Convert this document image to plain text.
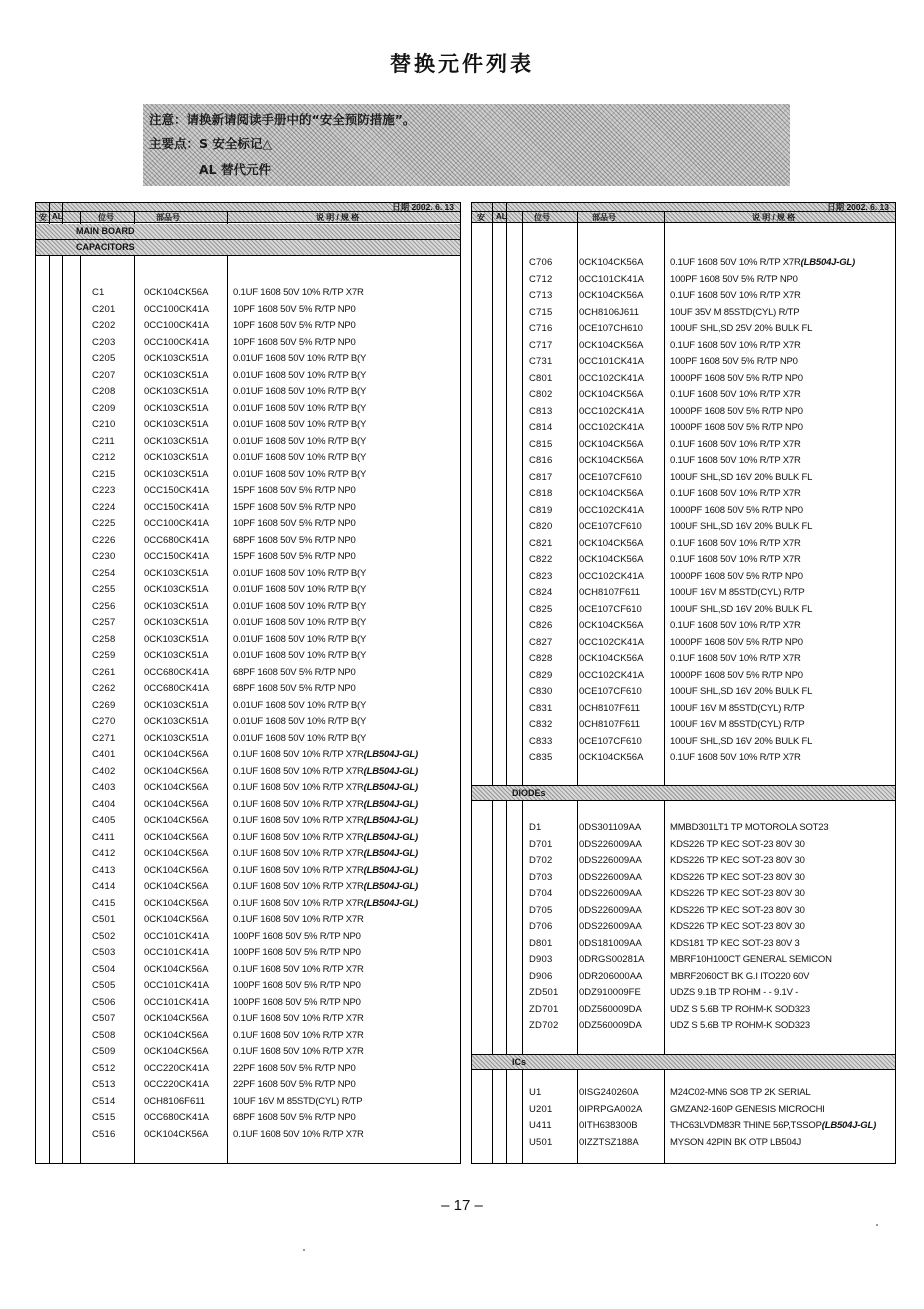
替换元件列表
注意：请换新请阅读手册中的“安全预防措施”。
主要点：S 安全标记△
AL 替代元件
日期 2002. 6. 13
安 AL	位号	部品号	说 明 / 规 格
MAIN BOARD
CAPACITORS
C1	0CK104CK56A	0.1UF 1608 50V 10% R/TP X7R
C201	0CC100CK41A	10PF 1608 50V 5% R/TP NP0
C202	0CC100CK41A	10PF 1608 50V 5% R/TP NP0
C203	0CC100CK41A	10PF 1608 50V 5% R/TP NP0
C205	0CK103CK51A	0.01UF 1608 50V 10% R/TP B(Y
C207	0CK103CK51A	0.01UF 1608 50V 10% R/TP B(Y
C208	0CK103CK51A	0.01UF 1608 50V 10% R/TP B(Y
C209	0CK103CK51A	0.01UF 1608 50V 10% R/TP B(Y
C210	0CK103CK51A	0.01UF 1608 50V 10% R/TP B(Y
C211	0CK103CK51A	0.01UF 1608 50V 10% R/TP B(Y
C212	0CK103CK51A	0.01UF 1608 50V 10% R/TP B(Y
C215	0CK103CK51A	0.01UF 1608 50V 10% R/TP B(Y
C223	0CC150CK41A	15PF 1608 50V 5% R/TP NP0
C224	0CC150CK41A	15PF 1608 50V 5% R/TP NP0
C225	0CC100CK41A	10PF 1608 50V 5% R/TP NP0
C226	0CC680CK41A	68PF 1608 50V 5% R/TP NP0
C230	0CC150CK41A	15PF 1608 50V 5% R/TP NP0
C254	0CK103CK51A	0.01UF 1608 50V 10% R/TP B(Y
C255	0CK103CK51A	0.01UF 1608 50V 10% R/TP B(Y
C256	0CK103CK51A	0.01UF 1608 50V 10% R/TP B(Y
C257	0CK103CK51A	0.01UF 1608 50V 10% R/TP B(Y
C258	0CK103CK51A	0.01UF 1608 50V 10% R/TP B(Y
C259	0CK103CK51A	0.01UF 1608 50V 10% R/TP B(Y
C261	0CC680CK41A	68PF 1608 50V 5% R/TP NP0
C262	0CC680CK41A	68PF 1608 50V 5% R/TP NP0
C269	0CK103CK51A	0.01UF 1608 50V 10% R/TP B(Y
C270	0CK103CK51A	0.01UF 1608 50V 10% R/TP B(Y
C271	0CK103CK51A	0.01UF 1608 50V 10% R/TP B(Y
C401	0CK104CK56A	0.1UF 1608 50V 10% R/TP X7R(LB504J-GL)
C402	0CK104CK56A	0.1UF 1608 50V 10% R/TP X7R(LB504J-GL)
C403	0CK104CK56A	0.1UF 1608 50V 10% R/TP X7R(LB504J-GL)
C404	0CK104CK56A	0.1UF 1608 50V 10% R/TP X7R(LB504J-GL)
C405	0CK104CK56A	0.1UF 1608 50V 10% R/TP X7R(LB504J-GL)
C411	0CK104CK56A	0.1UF 1608 50V 10% R/TP X7R(LB504J-GL)
C412	0CK104CK56A	0.1UF 1608 50V 10% R/TP X7R(LB504J-GL)
C413	0CK104CK56A	0.1UF 1608 50V 10% R/TP X7R(LB504J-GL)
C414	0CK104CK56A	0.1UF 1608 50V 10% R/TP X7R(LB504J-GL)
C415	0CK104CK56A	0.1UF 1608 50V 10% R/TP X7R(LB504J-GL)
C501	0CK104CK56A	0.1UF 1608 50V 10% R/TP X7R
C502	0CC101CK41A	100PF 1608 50V 5% R/TP NP0
C503	0CC101CK41A	100PF 1608 50V 5% R/TP NP0
C504	0CK104CK56A	0.1UF 1608 50V 10% R/TP X7R
C505	0CC101CK41A	100PF 1608 50V 5% R/TP NP0
C506	0CC101CK41A	100PF 1608 50V 5% R/TP NP0
C507	0CK104CK56A	0.1UF 1608 50V 10% R/TP X7R
C508	0CK104CK56A	0.1UF 1608 50V 10% R/TP X7R
C509	0CK104CK56A	0.1UF 1608 50V 10% R/TP X7R
C512	0CC220CK41A	22PF 1608 50V 5% R/TP NP0
C513	0CC220CK41A	22PF 1608 50V 5% R/TP NP0
C514	0CH8106F611	10UF 16V M 85STD(CYL) R/TP
C515	0CC680CK41A	68PF 1608 50V 5% R/TP NP0
C516	0CK104CK56A	0.1UF 1608 50V 10% R/TP X7R
日期 2002. 6. 13
安 AL	位号	部品号	说 明 / 规 格
C706	0CK104CK56A	0.1UF 1608 50V 10% R/TP X7R(LB504J-GL)
C712	0CC101CK41A	100PF 1608 50V 5% R/TP NP0
C713	0CK104CK56A	0.1UF 1608 50V 10% R/TP X7R
C715	0CH8106J611	10UF 35V M 85STD(CYL) R/TP
C716	0CE107CH610	100UF SHL,SD 25V 20% BULK FL
C717	0CK104CK56A	0.1UF 1608 50V 10% R/TP X7R
C731	0CC101CK41A	100PF 1608 50V 5% R/TP NP0
C801	0CC102CK41A	1000PF 1608 50V 5% R/TP NP0
C802	0CK104CK56A	0.1UF 1608 50V 10% R/TP X7R
C813	0CC102CK41A	1000PF 1608 50V 5% R/TP NP0
C814	0CC102CK41A	1000PF 1608 50V 5% R/TP NP0
C815	0CK104CK56A	0.1UF 1608 50V 10% R/TP X7R
C816	0CK104CK56A	0.1UF 1608 50V 10% R/TP X7R
C817	0CE107CF610	100UF SHL,SD 16V 20% BULK FL
C818	0CK104CK56A	0.1UF 1608 50V 10% R/TP X7R
C819	0CC102CK41A	1000PF 1608 50V 5% R/TP NP0
C820	0CE107CF610	100UF SHL,SD 16V 20% BULK FL
C821	0CK104CK56A	0.1UF 1608 50V 10% R/TP X7R
C822	0CK104CK56A	0.1UF 1608 50V 10% R/TP X7R
C823	0CC102CK41A	1000PF 1608 50V 5% R/TP NP0
C824	0CH8107F611	100UF 16V M 85STD(CYL) R/TP
C825	0CE107CF610	100UF SHL,SD 16V 20% BULK FL
C826	0CK104CK56A	0.1UF 1608 50V 10% R/TP X7R
C827	0CC102CK41A	1000PF 1608 50V 5% R/TP NP0
C828	0CK104CK56A	0.1UF 1608 50V 10% R/TP X7R
C829	0CC102CK41A	1000PF 1608 50V 5% R/TP NP0
C830	0CE107CF610	100UF SHL,SD 16V 20% BULK FL
C831	0CH8107F611	100UF 16V M 85STD(CYL) R/TP
C832	0CH8107F611	100UF 16V M 85STD(CYL) R/TP
C833	0CE107CF610	100UF SHL,SD 16V 20% BULK FL
C835	0CK104CK56A	0.1UF 1608 50V 10% R/TP X7R
DIODEs
D1	0DS301109AA	MMBD301LT1 TP MOTOROLA SOT23
D701	0DS226009AA	KDS226 TP KEC SOT-23 80V 30
D702	0DS226009AA	KDS226 TP KEC SOT-23 80V 30
D703	0DS226009AA	KDS226 TP KEC SOT-23 80V 30
D704	0DS226009AA	KDS226 TP KEC SOT-23 80V 30
D705	0DS226009AA	KDS226 TP KEC SOT-23 80V 30
D706	0DS226009AA	KDS226 TP KEC SOT-23 80V 30
D801	0DS181009AA	KDS181 TP KEC SOT-23 80V 3
D903	0DRGS00281A	MBRF10H100CT GENERAL SEMICON
D906	0DR206000AA	MBRF2060CT BK G.I ITO220 60V
ZD501 0DZ910009FE	UDZS 9.1B TP ROHM - - 9.1V -
ZD701 0DZ560009DA	UDZ S 5.6B TP ROHM-K SOD323
ZD702 0DZ560009DA	UDZ S 5.6B TP ROHM-K SOD323
ICs
U1	0ISG240260A	M24C02-MN6 SO8 TP 2K SERIAL
U201	0IPRPGA002A	GMZAN2-160P GENESIS MICROCHI
U411	0ITH638300B	THC63LVDM83R THINE 56P,TSSOP(LB504J-GL)
U501	0IZZTSZ188A	MYSON 42PIN BK OTP LB504J
– 17 –
